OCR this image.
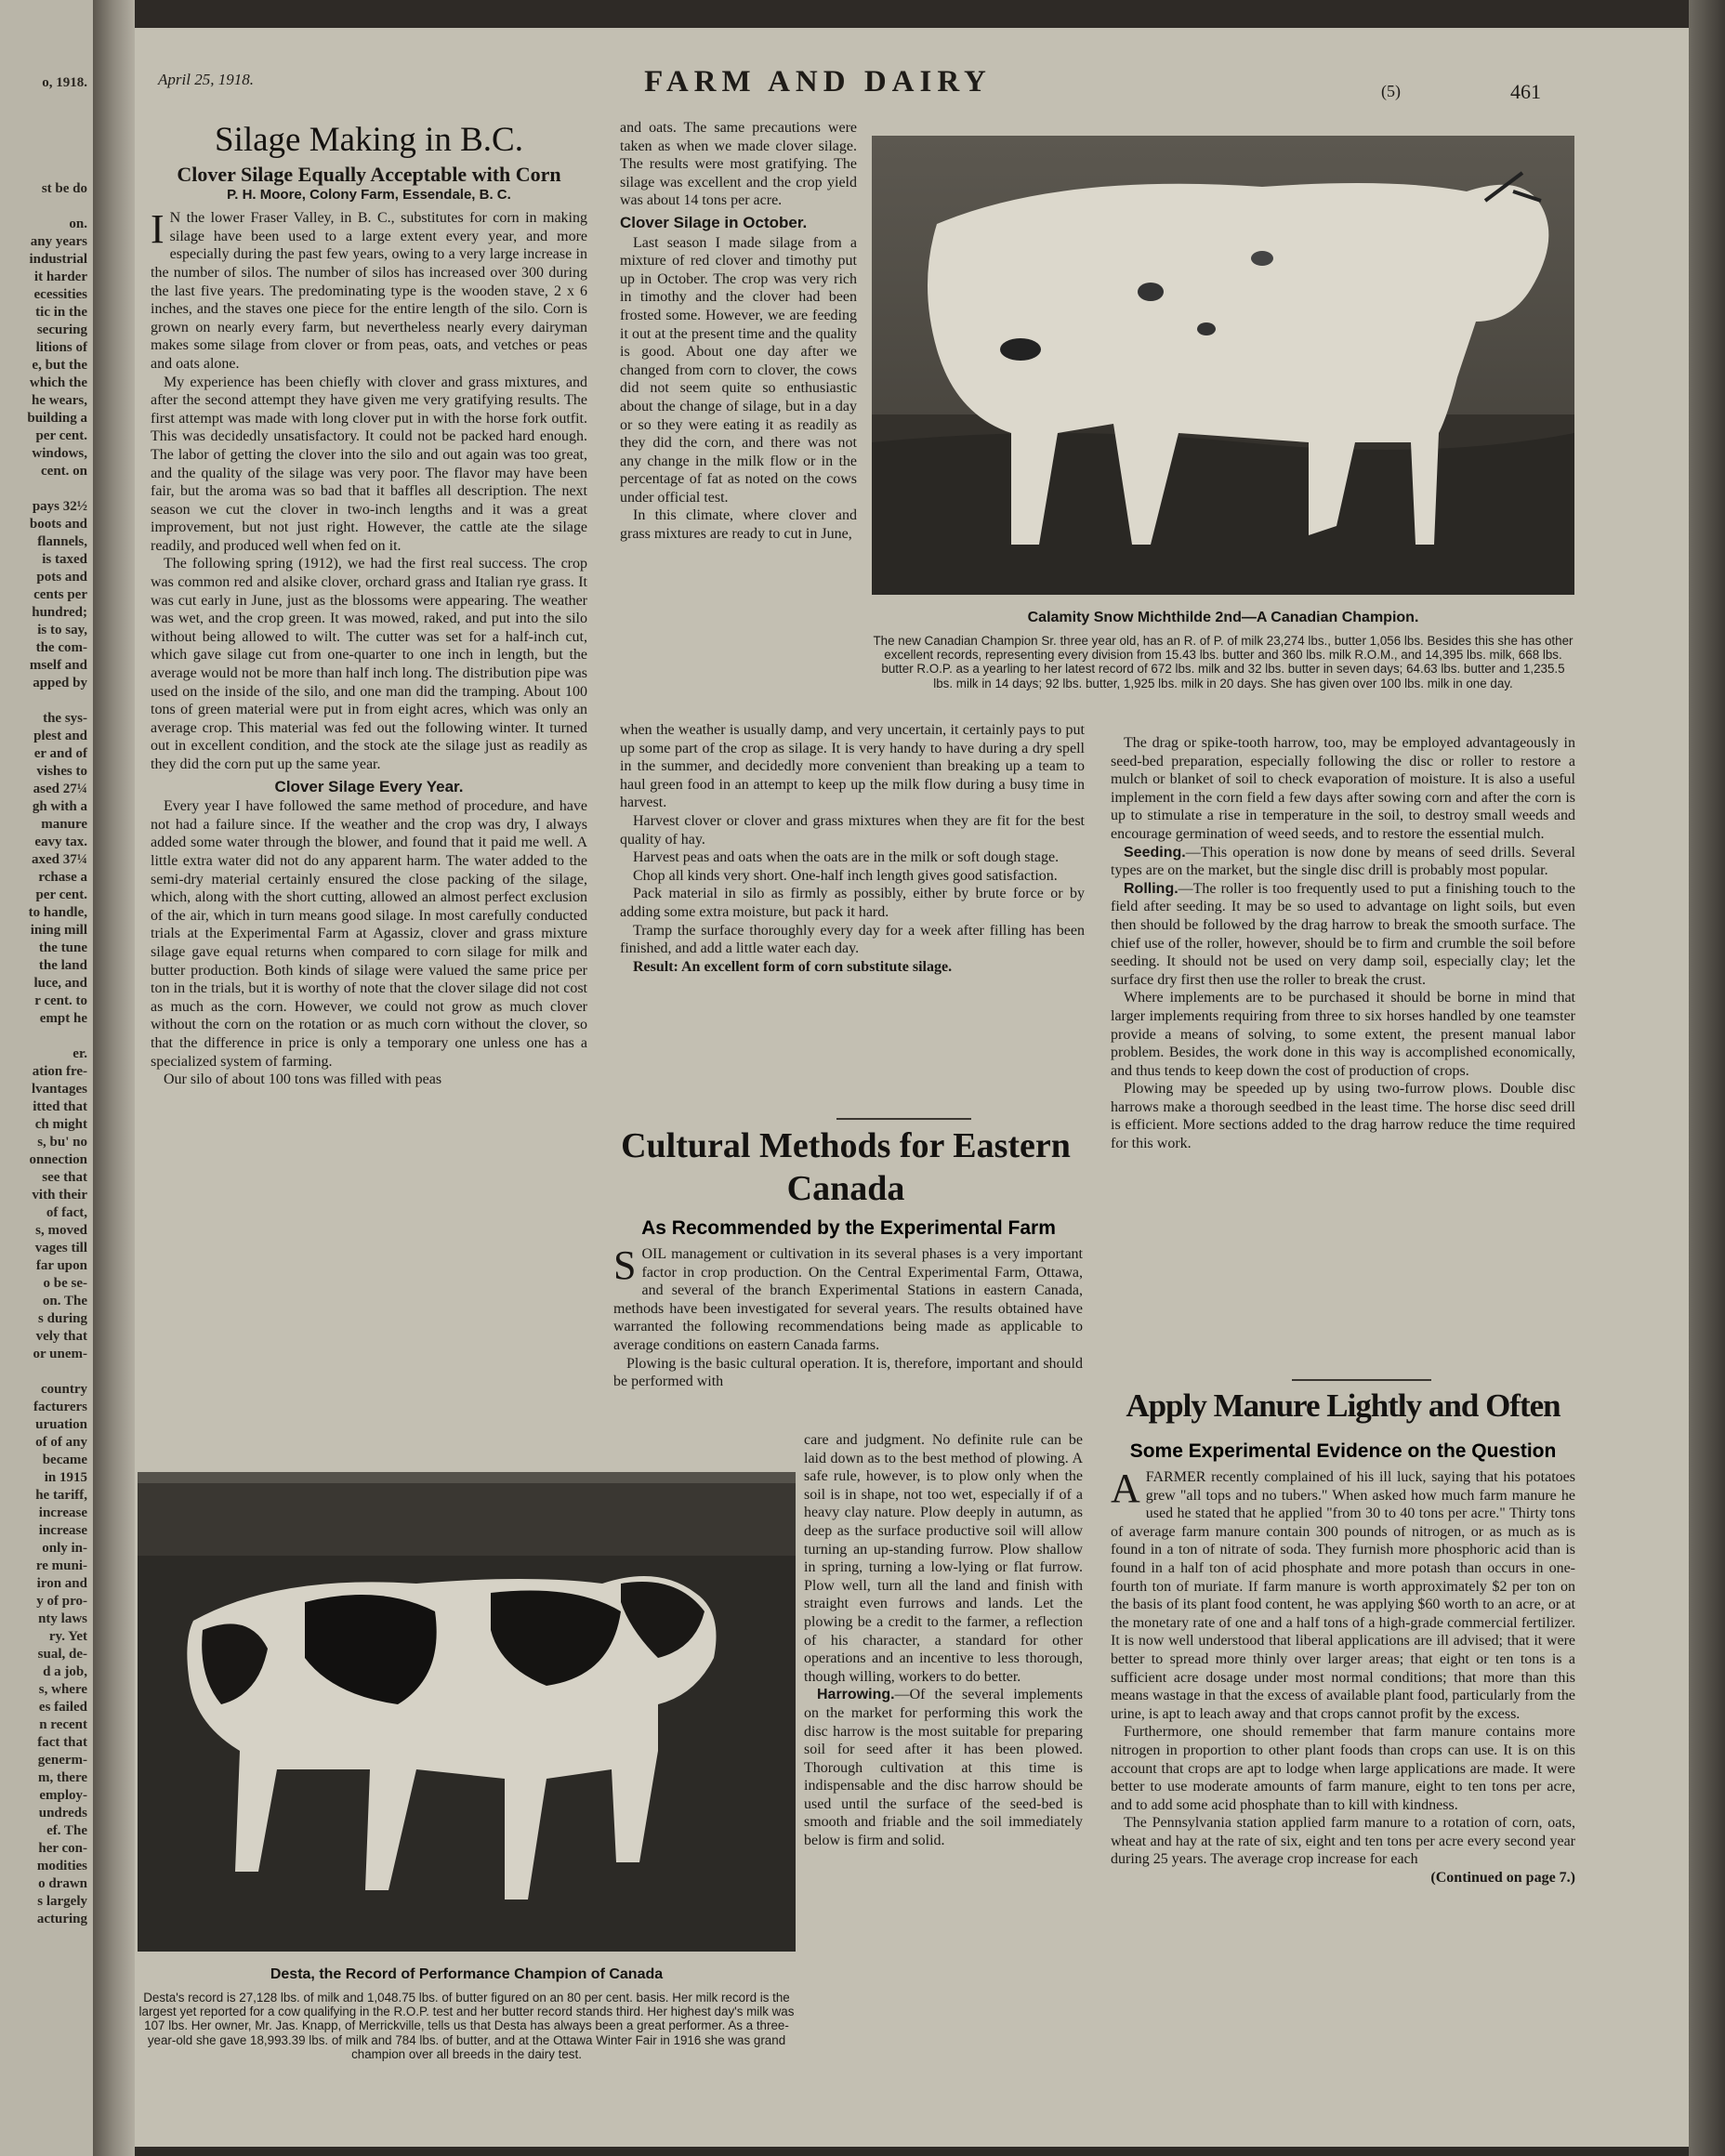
o, 1918.

st be do

on.
any years
industrial
it harder
ecessities
tic in the
securing
litions of
e, but the
which the
he wears,
building a
per cent.
windows,
cent. on

pays 32½
boots and
flannels,
is taxed
pots and
cents per
hundred;
is to say,
the com-
mself and
apped by

the sys-
plest and
er and of
vishes to
ased 27¼
gh with a
manure
eavy tax.
axed 37¼
rchase a
per cent.
to handle,
ining mill
the tune
the land
luce, and
r cent. to
empt he

er.
ation fre-
lvantages
itted that
ch might
s, bu' no
onnection
see that
vith their
of fact,
s, moved
vages till
far upon
o be se-
on. The
s during
vely that
or unem-

country
facturers
uruation
of of any
became
in 1915
he tariff,
increase
increase
only in-
re muni-
iron and
y of pro-
nty laws
ry. Yet
sual, de-
d a job,
s, where
es failed
n recent
fact that
generm-
m, there
employ-
undreds
ef. The
her con-
modities
o drawn
s largely
acturing
April 25, 1918.	FARM AND DAIRY	(5)	461
Silage Making in B.C.
Clover Silage Equally Acceptable with Corn
P. H. Moore, Colony Farm, Essendale, B. C.

I N the lower Fraser Valley, in B. C., substitutes for corn in making silage have been used to a large extent every year, and more especially during the past few years, owing to a very large increase in the number of silos. The number of silos has increased over 300 during the last five years. The predominating type is the wooden stave, 2 x 6 inches, and the staves one piece for the entire length of the silo. Corn is grown on nearly every farm, but nevertheless nearly every dairyman makes some silage from clover or from peas, oats, and vetches or peas and oats alone.

My experience has been chiefly with clover and grass mixtures, and after the second attempt they have given me very gratifying results. The first attempt was made with long clover put in with the horse fork outfit. This was decidedly unsatisfactory. It could not be packed hard enough. The labor of getting the clover into the silo and out again was too great, and the quality of the silage was very poor. The flavor may have been fair, but the aroma was so bad that it baffles all description. The next season we cut the clover in two-inch lengths and it was a great improvement, but not just right. However, the cattle ate the silage readily, and produced well when fed on it.

The following spring (1912), we had the first real success. The crop was common red and alsike clover, orchard grass and Italian rye grass. It was cut early in June, just as the blossoms were appearing. The weather was wet, and the crop green. It was mowed, raked, and put into the silo without being allowed to wilt. The cutter was set for a half-inch cut, which gave silage cut from one-quarter to one inch in length, but the average would not be more than half inch long. The distribution pipe was used on the inside of the silo, and one man did the tramping. About 100 tons of green material were put in from eight acres, which was only an average crop. This material was fed out the following winter. It turned out in excellent condition, and the stock ate the silage just as readily as they did the corn put up the same year.

Clover Silage Every Year.

Every year I have followed the same method of procedure, and have not had a failure since. If the weather and the crop was dry, I always added some water through the blower, and found that it paid me well. A little extra water did not do any apparent harm. The water added to the semi-dry material certainly ensured the close packing of the silage, which, along with the short cutting, allowed an almost perfect exclusion of the air, which in turn means good silage. In most carefully conducted trials at the Experimental Farm at Agassiz, clover and grass mixture silage gave equal returns when compared to corn silage for milk and butter production. Both kinds of silage were valued the same price per ton in the trials, but it is worthy of note that the clover silage did not cost as much as the corn. However, we could not grow as much clover without the corn on the rotation or as much corn without the clover, so that the difference in price is only a temporary one unless one has a specialized system of farming.

Our silo of about 100 tons was filled with peas

and oats. The same precautions were taken as when we made clover silage. The results were most gratifying. The silage was excellent and the crop yield was about 14 tons per acre.

Clover Silage in October.

Last season I made silage from a mixture of red clover and timothy put up in October. The crop was very rich in timothy and the clover had been frosted some. However, we are feeding it out at the present time and the quality is good. About one day after we changed from corn to clover, the cows did not seem quite so enthusiastic about the change of silage, but in a day or so they were eating it as readily as they did the corn, and there was not any change in the milk flow or in the percentage of fat as noted on the cows under official test.

In this climate, where clover and grass mixtures are ready to cut in June,

when the weather is usually damp, and very uncertain, it certainly pays to put up some part of the crop as silage. It is very handy to have during a dry spell in the summer, and decidedly more convenient than breaking up a team to haul green food in an attempt to keep up the milk flow during a busy time in harvest.

Harvest clover or clover and grass mixtures when they are fit for the best quality of hay.

Harvest peas and oats when the oats are in the milk or soft dough stage.

Chop all kinds very short. One-half inch length gives good satisfaction.

Pack material in silo as firmly as possibly, either by brute force or by adding some extra moisture, but pack it hard.

Tramp the surface thoroughly every day for a week after filling has been finished, and add a little water each day.

Result: An excellent form of corn substitute silage.

Calamity Snow Michthilde 2nd—A Canadian Champion.
The new Canadian Champion Sr. three year old, has an R. of P. of milk 23,274 lbs., butter 1,056 lbs. Besides this she has other excellent records, representing every division from 15.43 lbs. butter and 360 lbs. milk R.O.M., and 14,395 lbs. milk, 668 lbs. butter R.O.P. as a yearling to her latest record of 672 lbs. milk and 32 lbs. butter in seven days; 64.63 lbs. butter and 1,235.5 lbs. milk in 14 days; 92 lbs. butter, 1,925 lbs. milk in 20 days. She has given over 100 lbs. milk in one day.
Cultural Methods for Eastern Canada
As Recommended by the Experimental Farm

SOIL management or cultivation in its several phases is a very important factor in crop production. On the Central Experimental Farm, Ottawa, and several of the branch Experimental Stations in eastern Canada, methods have been investigated for several years. The results obtained have warranted the following recommendations being made as applicable to average conditions on eastern Canada farms.

Plowing is the basic cultural operation. It is, therefore, important and should be performed with

care and judgment. No definite rule can be laid down as to the best method of plowing. A safe rule, however, is to plow only when the soil is in shape, not too wet, especially if of a heavy clay nature. Plow deeply in autumn, as deep as the surface productive soil will allow turning an up-standing furrow. Plow shallow in spring, turning a low-lying or flat furrow. Plow well, turn all the land and finish with straight even furrows and lands. Let the plowing be a credit to the farmer, a reflection of his character, a standard for other operations and an incentive to less thorough, though willing, workers to do better.

Harrowing.—Of the several implements on the market for performing this work the disc harrow is the most suitable for preparing soil for seed after it has been plowed. Thorough cultivation at this time is indispensable and the disc harrow should be used until the surface of the seed-bed is smooth and friable and the soil immediately below is firm and solid.

The drag or spike-tooth harrow, too, may be employed advantageously in seed-bed preparation, especially following the disc or roller to restore a mulch or blanket of soil to check evaporation of moisture. It is also a useful implement in the corn field a few days after sowing corn and after the corn is up to stimulate a rise in temperature in the soil, to destroy small weeds and encourage germination of weed seeds, and to restore the essential mulch.

Seeding.—This operation is now done by means of seed drills. Several types are on the market, but the single disc drill is probably most popular.

Rolling.—The roller is too frequently used to put a finishing touch to the field after seeding. It may be so used to advantage on light soils, but even then should be followed by the drag harrow to break the smooth surface. The chief use of the roller, however, should be to firm and crumble the soil before seeding. It should not be used on very damp soil, especially clay; let the surface dry first then use the roller to break the crust.

Where implements are to be purchased it should be borne in mind that larger implements requiring from three to six horses handled by one teamster provide a means of solving, to some extent, the present manual labor problem. Besides, the work done in this way is accomplished economically, and thus tends to keep down the cost of production of crops.

Plowing may be speeded up by using two-furrow plows. Double disc harrows make a thorough seedbed in the least time. The horse disc seed drill is efficient. More sections added to the drag harrow reduce the time required for this work.

Apply Manure Lightly and Often
Some Experimental Evidence on the Question

AFARMER recently complained of his ill luck, saying that his potatoes grew "all tops and no tubers." When asked how much farm manure he used he stated that he applied "from 30 to 40 tons per acre." Thirty tons of average farm manure contain 300 pounds of nitrogen, or as much as is found in a ton of nitrate of soda. They furnish more phosphoric acid than is found in a half ton of acid phosphate and more potash than occurs in one-fourth ton of muriate. If farm manure is worth approximately $2 per ton on the basis of its plant food content, he was applying $60 worth to an acre, or at the monetary rate of one and a half tons of a high-grade commercial fertilizer. It is now well understood that liberal applications are ill advised; that it were better to spread more thinly over larger areas; that eight or ten tons is a sufficient acre dosage under most normal conditions; that more than this means wastage in that the excess of available plant food, particularly from the urine, is apt to leach away and that crops cannot profit by the excess.

Furthermore, one should remember that farm manure contains more nitrogen in proportion to other plant foods than crops can use. It is on this account that crops are apt to lodge when large applications are made. It were better to use moderate amounts of farm manure, eight to ten tons per acre, and to add some acid phosphate than to kill with kindness.

The Pennsylvania station applied farm manure to a rotation of corn, oats, wheat and hay at the rate of six, eight and ten tons per acre every second year during 25 years. The average crop increase for each

(Continued on page 7.)
Desta, the Record of Performance Champion of Canada
Desta's record is 27,128 lbs. of milk and 1,048.75 lbs. of butter figured on an 80 per cent. basis. Her milk record is the largest yet reported for a cow qualifying in the R.O.P. test and her butter record stands third. Her highest day's milk was 107 lbs. Her owner, Mr. Jas. Knapp, of Merrickville, tells us that Desta has always been a great performer. As a three-year-old she gave 18,993.39 lbs. of milk and 784 lbs. of butter, and at the Ottawa Winter Fair in 1916 she was grand champion over all breeds in the dairy test.
